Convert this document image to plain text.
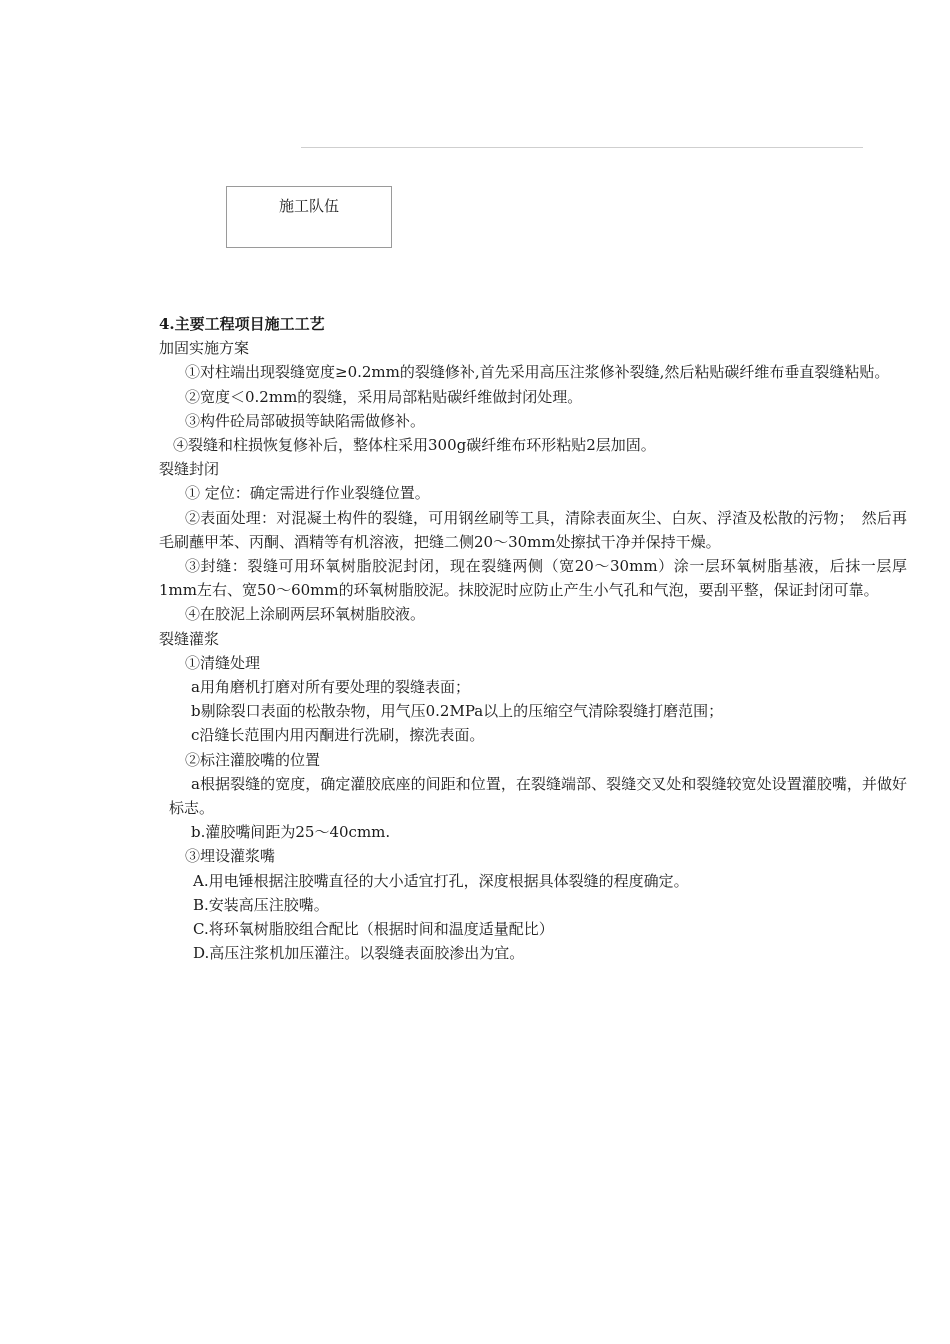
施工队伍

4.主要工程项目施工工艺

加固实施方案

①对柱端出现裂缝宽度≥0.2mm的裂缝修补,首先采用高压注浆修补裂缝,然后粘贴碳纤维布垂直裂缝粘贴。

②宽度＜0.2mm的裂缝，采用局部粘贴碳纤维做封闭处理。

③构件砼局部破损等缺陷需做修补。

④裂缝和柱损恢复修补后，整体柱采用300g碳纤维布环形粘贴2层加固。

裂缝封闭

① 定位：确定需进行作业裂缝位置。

②表面处理：对混凝土构件的裂缝，可用钢丝刷等工具，清除表面灰尘、白灰、浮渣及松散的污物；　然后再毛刷蘸甲苯、丙酮、酒精等有机溶液，把缝二侧20～30mm处擦拭干净并保持干燥。

③封缝：裂缝可用环氧树脂胶泥封闭，现在裂缝两侧（宽20～30mm）涂一层环氧树脂基液，后抹一层厚1mm左右、宽50～60mm的环氧树脂胶泥。抹胶泥时应防止产生小气孔和气泡，要刮平整，保证封闭可靠。

④在胶泥上涂刷两层环氧树脂胶液。

裂缝灌浆

①清缝处理

a用角磨机打磨对所有要处理的裂缝表面；

b剔除裂口表面的松散杂物，用气压0.2MPa以上的压缩空气清除裂缝打磨范围；

c沿缝长范围内用丙酮进行洗刷，擦洗表面。

②标注灌胶嘴的位置

a根据裂缝的宽度，确定灌胶底座的间距和位置，在裂缝端部、裂缝交叉处和裂缝较宽处设置灌胶嘴，并做好标志。

b.灌胶嘴间距为25～40cmm.

③埋设灌浆嘴

A.用电锤根据注胶嘴直径的大小适宜打孔，深度根据具体裂缝的程度确定。

B.安装高压注胶嘴。

C.将环氧树脂胶组合配比（根据时间和温度适量配比）

D.高压注浆机加压灌注。以裂缝表面胶渗出为宜。
